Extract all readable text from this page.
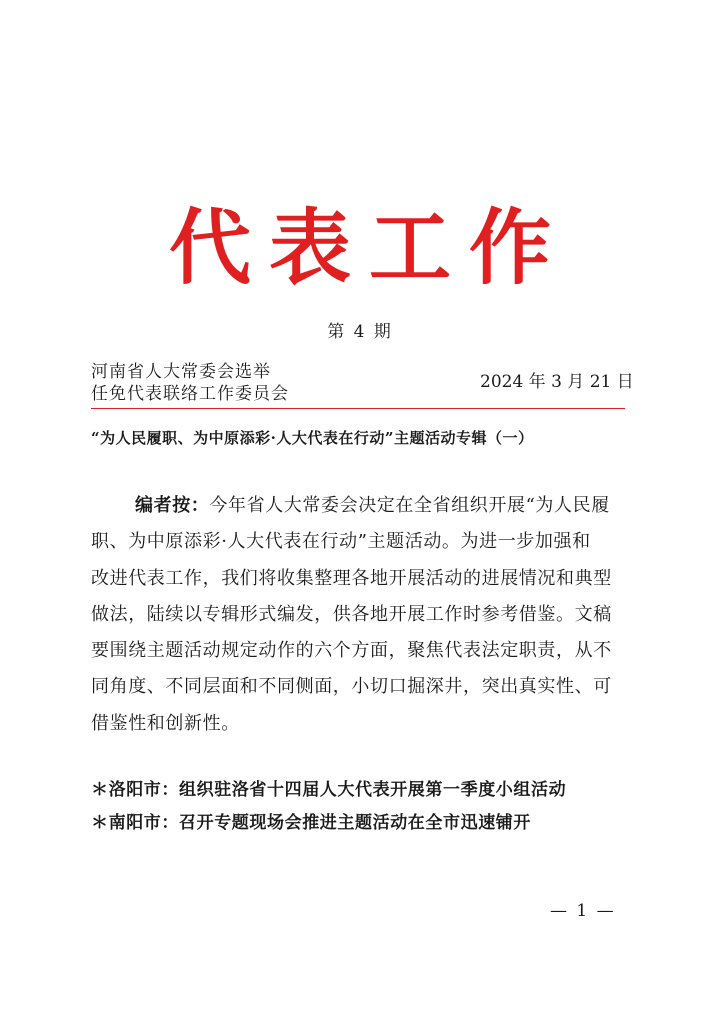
代表工作
第 4 期
河南省人大常委会选举
任免代表联络工作委员会
2024 年 3 月 21 日
“为人民履职、为中原添彩·人大代表在行动”主题活动专辑（一）
编者按：今年省人大常委会决定在全省组织开展“为人民履
职、为中原添彩·人大代表在行动”主题活动。为进一步加强和
改进代表工作，我们将收集整理各地开展活动的进展情况和典型
做法，陆续以专辑形式编发，供各地开展工作时参考借鉴。文稿
要围绕主题活动规定动作的六个方面，聚焦代表法定职责，从不
同角度、不同层面和不同侧面，小切口掘深井，突出真实性、可
借鉴性和创新性。
＊洛阳市：组织驻洛省十四届人大代表开展第一季度小组活动
＊南阳市：召开专题现场会推进主题活动在全市迅速铺开
— 1 —
